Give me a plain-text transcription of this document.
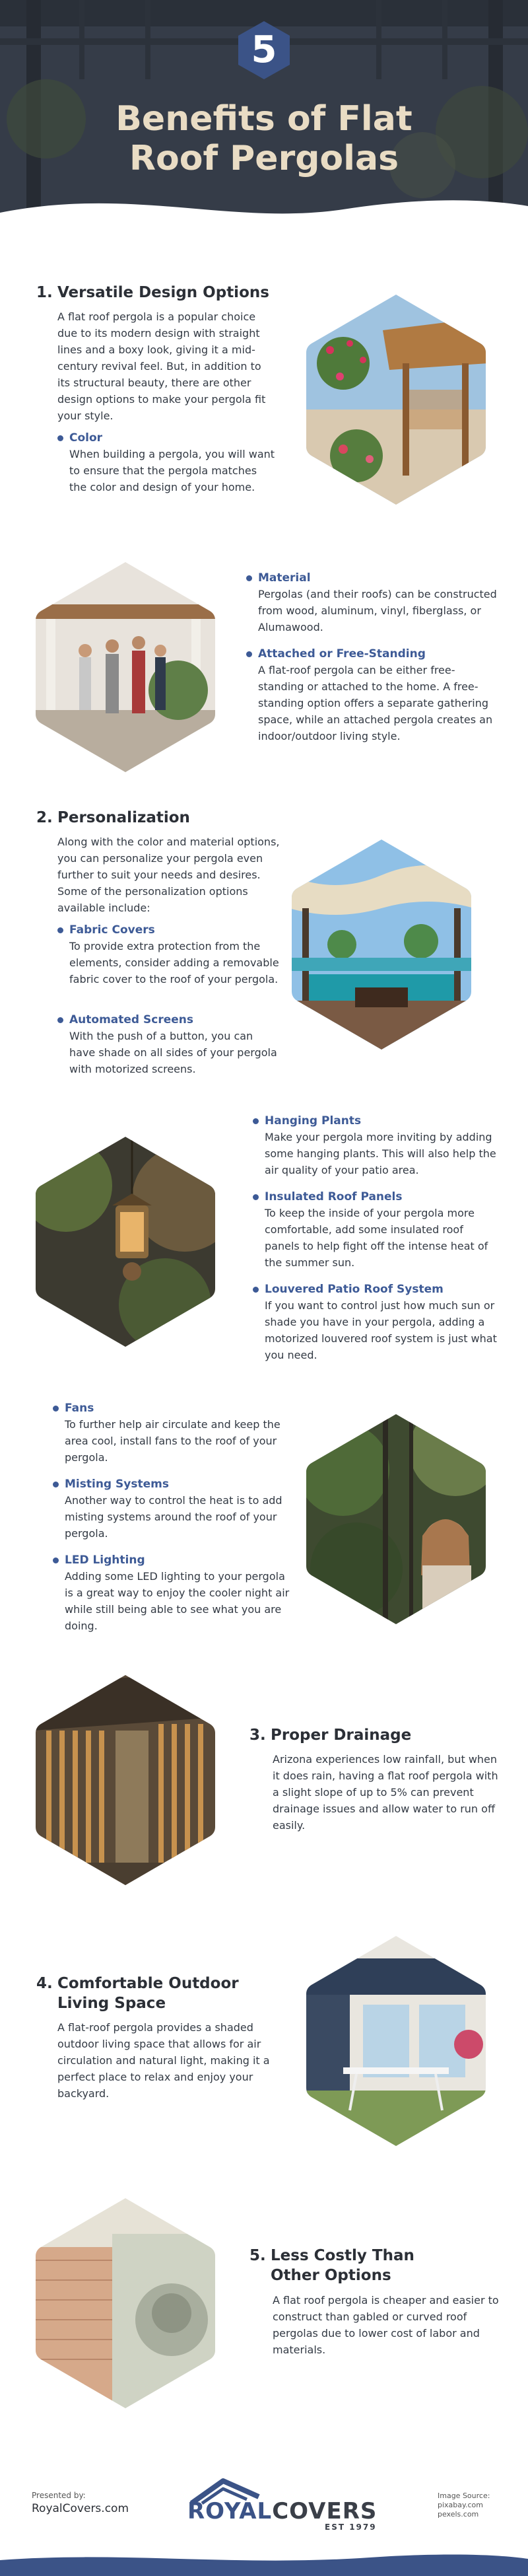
5
Benefits of Flat
Roof Pergolas
1. Versatile Design Options
A flat roof pergola is a popular choice due to its modern design with straight lines and a boxy look, giving it a mid-century revival feel. But, in addition to its structural beauty, there are other design options to make your pergola fit your style.
Color
When building a pergola, you will want to ensure that the pergola matches the color and design of your home.
Material
Pergolas (and their roofs) can be constructed from wood, aluminum, vinyl, fiberglass, or Alumawood.
Attached or Free-Standing
A flat-roof pergola can be either free-standing or attached to the home. A free-standing option offers a separate gathering space, while an attached pergola creates an indoor/outdoor living style.
2. Personalization
Along with the color and material options, you can personalize your pergola even further to suit your needs and desires. Some of the personalization options available include:
Fabric Covers
To provide extra protection from the elements, consider adding a removable fabric cover to the roof of your pergola.
Automated Screens
With the push of a button, you can have shade on all sides of your pergola with motorized screens.
Hanging Plants
Make your pergola more inviting by adding some hanging plants. This will also help the air quality of your patio area.
Insulated Roof Panels
To keep the inside of your pergola more comfortable, add some insulated roof panels to help fight off the intense heat of the summer sun.
Louvered Patio Roof System
If you want to control just how much sun or shade you have in your pergola, adding a motorized louvered roof system is just what you need.
Fans
To further help air circulate and keep the area cool, install fans to the roof of your pergola.
Misting Systems
Another way to control the heat is to add misting systems around the roof of your pergola.
LED Lighting
Adding some LED lighting to your pergola is a great way to enjoy the cooler night air while still being able to see what you are doing.
3. Proper Drainage
Arizona experiences low rainfall, but when it does rain, having a flat roof pergola with a slight slope of up to 5% can prevent drainage issues and allow water to run off easily.
4. Comfortable Outdoor
Living Space
A flat-roof pergola provides a shaded outdoor living space that allows for air circulation and natural light, making it a perfect place to relax and enjoy your backyard.
5. Less Costly Than
Other Options
A flat roof pergola is cheaper and easier to construct than gabled or curved roof pergolas due to lower cost of labor and materials.
Presented by:
RoyalCovers.com	ROYALCOVERS
EST 1979
Image Source:
pixabay.com
pexels.com
